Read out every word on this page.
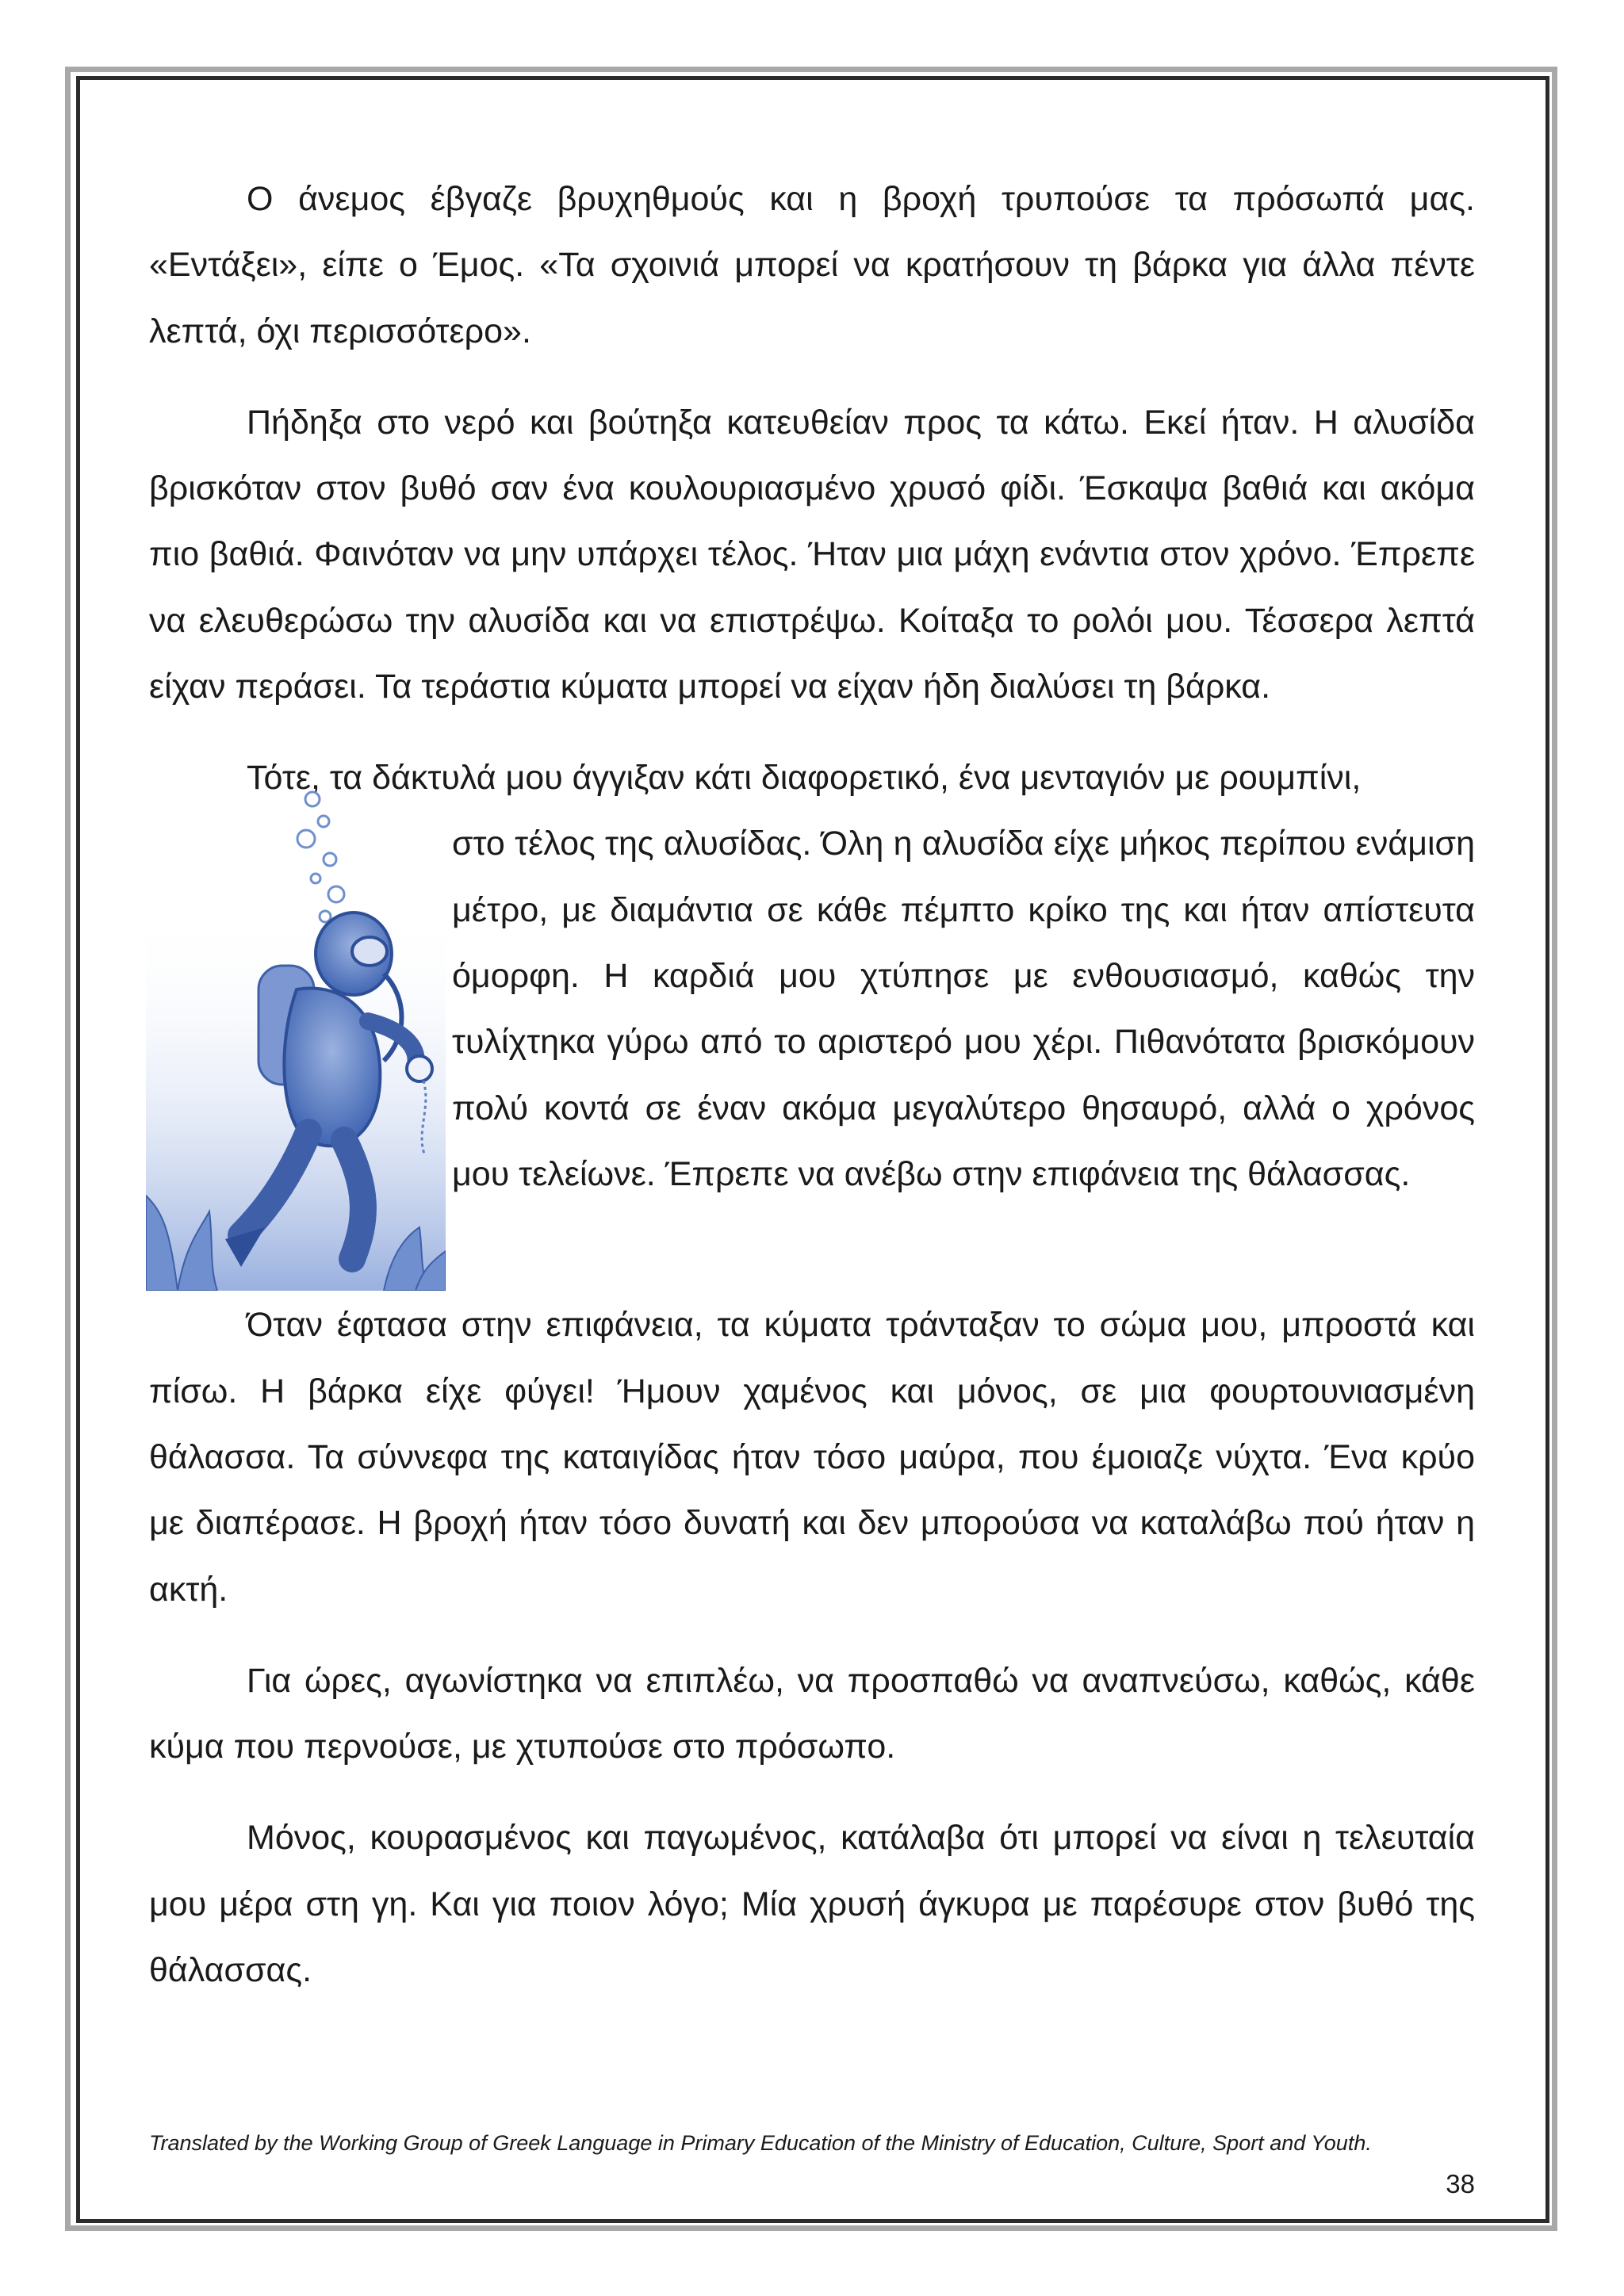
Ο άνεμος έβγαζε βρυχηθμούς και η βροχή τρυπούσε τα πρόσωπά μας. «Εντάξει», είπε ο Έμος. «Τα σχοινιά μπορεί να κρατήσουν τη βάρκα για άλλα πέντε λεπτά, όχι περισσότερο».

Πήδηξα στο νερό και βούτηξα κατευθείαν προς τα κάτω. Εκεί ήταν. Η αλυσίδα βρισκόταν στον βυθό σαν ένα κουλουριασμένο χρυσό φίδι. Έσκαψα βαθιά και ακόμα πιο βαθιά. Φαινόταν να μην υπάρχει τέλος. Ήταν μια μάχη ενάντια στον χρόνο. Έπρεπε να ελευθερώσω την αλυσίδα και να επιστρέψω. Κοίταξα το ρολόι μου. Τέσσερα λεπτά είχαν περάσει. Τα τεράστια κύματα μπορεί να είχαν ήδη διαλύσει τη βάρκα.

Τότε, τα δάκτυλά μου άγγιξαν κάτι διαφορετικό, ένα μενταγιόν με ρουμπίνι,
στο τέλος της αλυσίδας. Όλη η αλυσίδα είχε μήκος περίπου ενάμιση μέτρο, με διαμάντια σε κάθε πέμπτο κρίκο της και ήταν απίστευτα όμορφη. Η καρδιά μου χτύπησε με ενθουσιασμό, καθώς την τυλίχτηκα γύρω από το αριστερό μου χέρι. Πιθανότατα βρισκόμουν πολύ κοντά σε έναν ακόμα μεγαλύτερο θησαυρό, αλλά ο χρόνος μου τελείωνε. Έπρεπε να ανέβω στην επιφάνεια της θάλασσας.

Όταν έφτασα στην επιφάνεια, τα κύματα τράνταξαν το σώμα μου, μπροστά και πίσω. Η βάρκα είχε φύγει! Ήμουν χαμένος και μόνος, σε μια φουρτουνιασμένη θάλασσα. Τα σύννεφα της καταιγίδας ήταν τόσο μαύρα, που έμοιαζε νύχτα. Ένα κρύο με διαπέρασε. Η βροχή ήταν τόσο δυνατή και δεν μπορούσα να καταλάβω πού ήταν η ακτή.

Για ώρες, αγωνίστηκα να επιπλέω, να προσπαθώ να αναπνεύσω, καθώς, κάθε κύμα που περνούσε, με χτυπούσε στο πρόσωπο.

Μόνος, κουρασμένος και παγωμένος, κατάλαβα ότι μπορεί να είναι η τελευταία μου μέρα στη γη. Και για ποιον λόγο; Μία χρυσή άγκυρα με παρέσυρε στον βυθό της θάλασσας.

Translated by the Working Group of Greek Language in Primary Education of the Ministry of Education, Culture, Sport and Youth.
38
